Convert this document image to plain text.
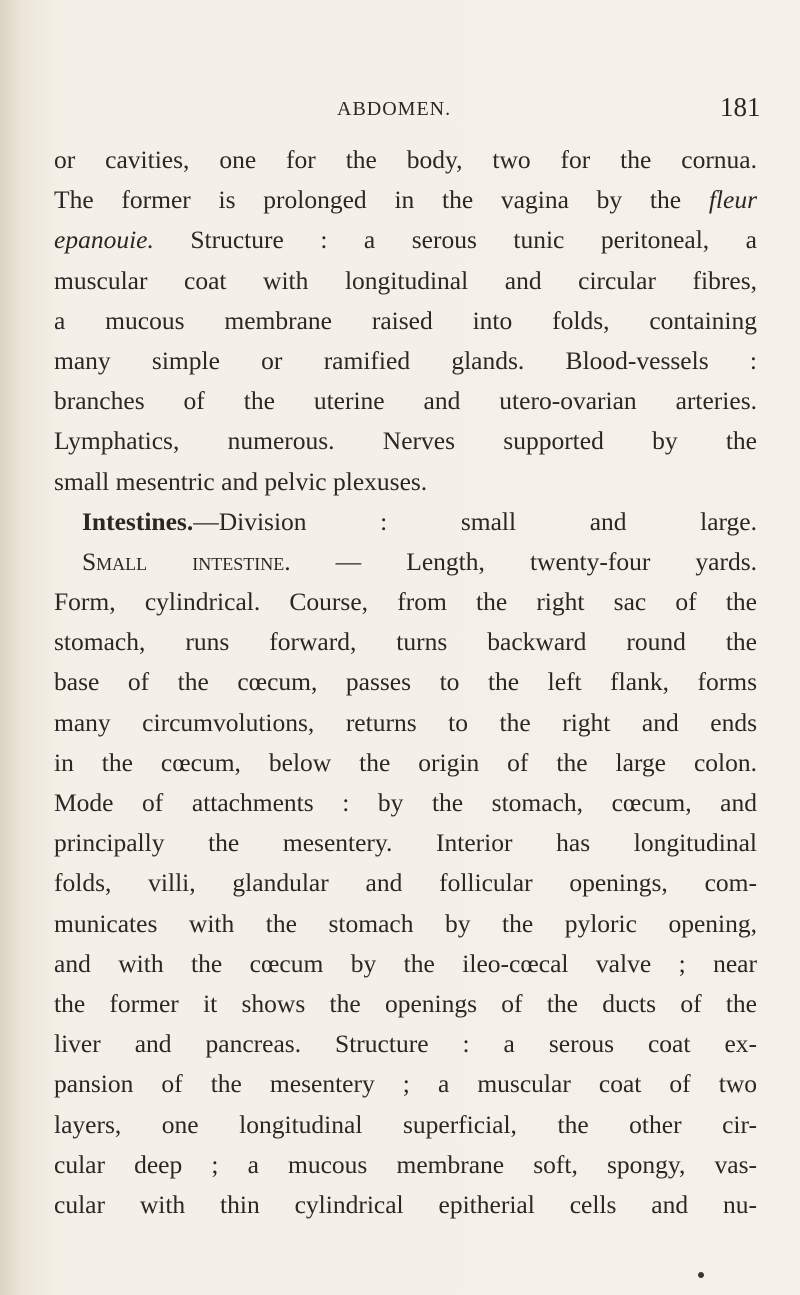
ABDOMEN.	181
or cavities, one for the body, two for the cornua.
The former is prolonged in the vagina by the fleur
epanouie. Structure : a serous tunic peritoneal, a
muscular coat with longitudinal and circular fibres,
a mucous membrane raised into folds, containing
many simple or ramified glands. Blood-vessels :
branches of the uterine and utero-ovarian arteries.
Lymphatics, numerous. Nerves supported by the
small mesentric and pelvic plexuses.
Intestines.—Division : small and large.
Small intestine. — Length, twenty-four yards.
Form, cylindrical. Course, from the right sac of the
stomach, runs forward, turns backward round the
base of the cœcum, passes to the left flank, forms
many circumvolutions, returns to the right and ends
in the cœcum, below the origin of the large colon.
Mode of attachments : by the stomach, cœcum, and
principally the mesentery. Interior has longitudinal
folds, villi, glandular and follicular openings, com-
municates with the stomach by the pyloric opening,
and with the cœcum by the ileo-cœcal valve ; near
the former it shows the openings of the ducts of the
liver and pancreas. Structure : a serous coat ex-
pansion of the mesentery ; a muscular coat of two
layers, one longitudinal superficial, the other cir-
cular deep ; a mucous membrane soft, spongy, vas-
cular with thin cylindrical epitherial cells and nu-
